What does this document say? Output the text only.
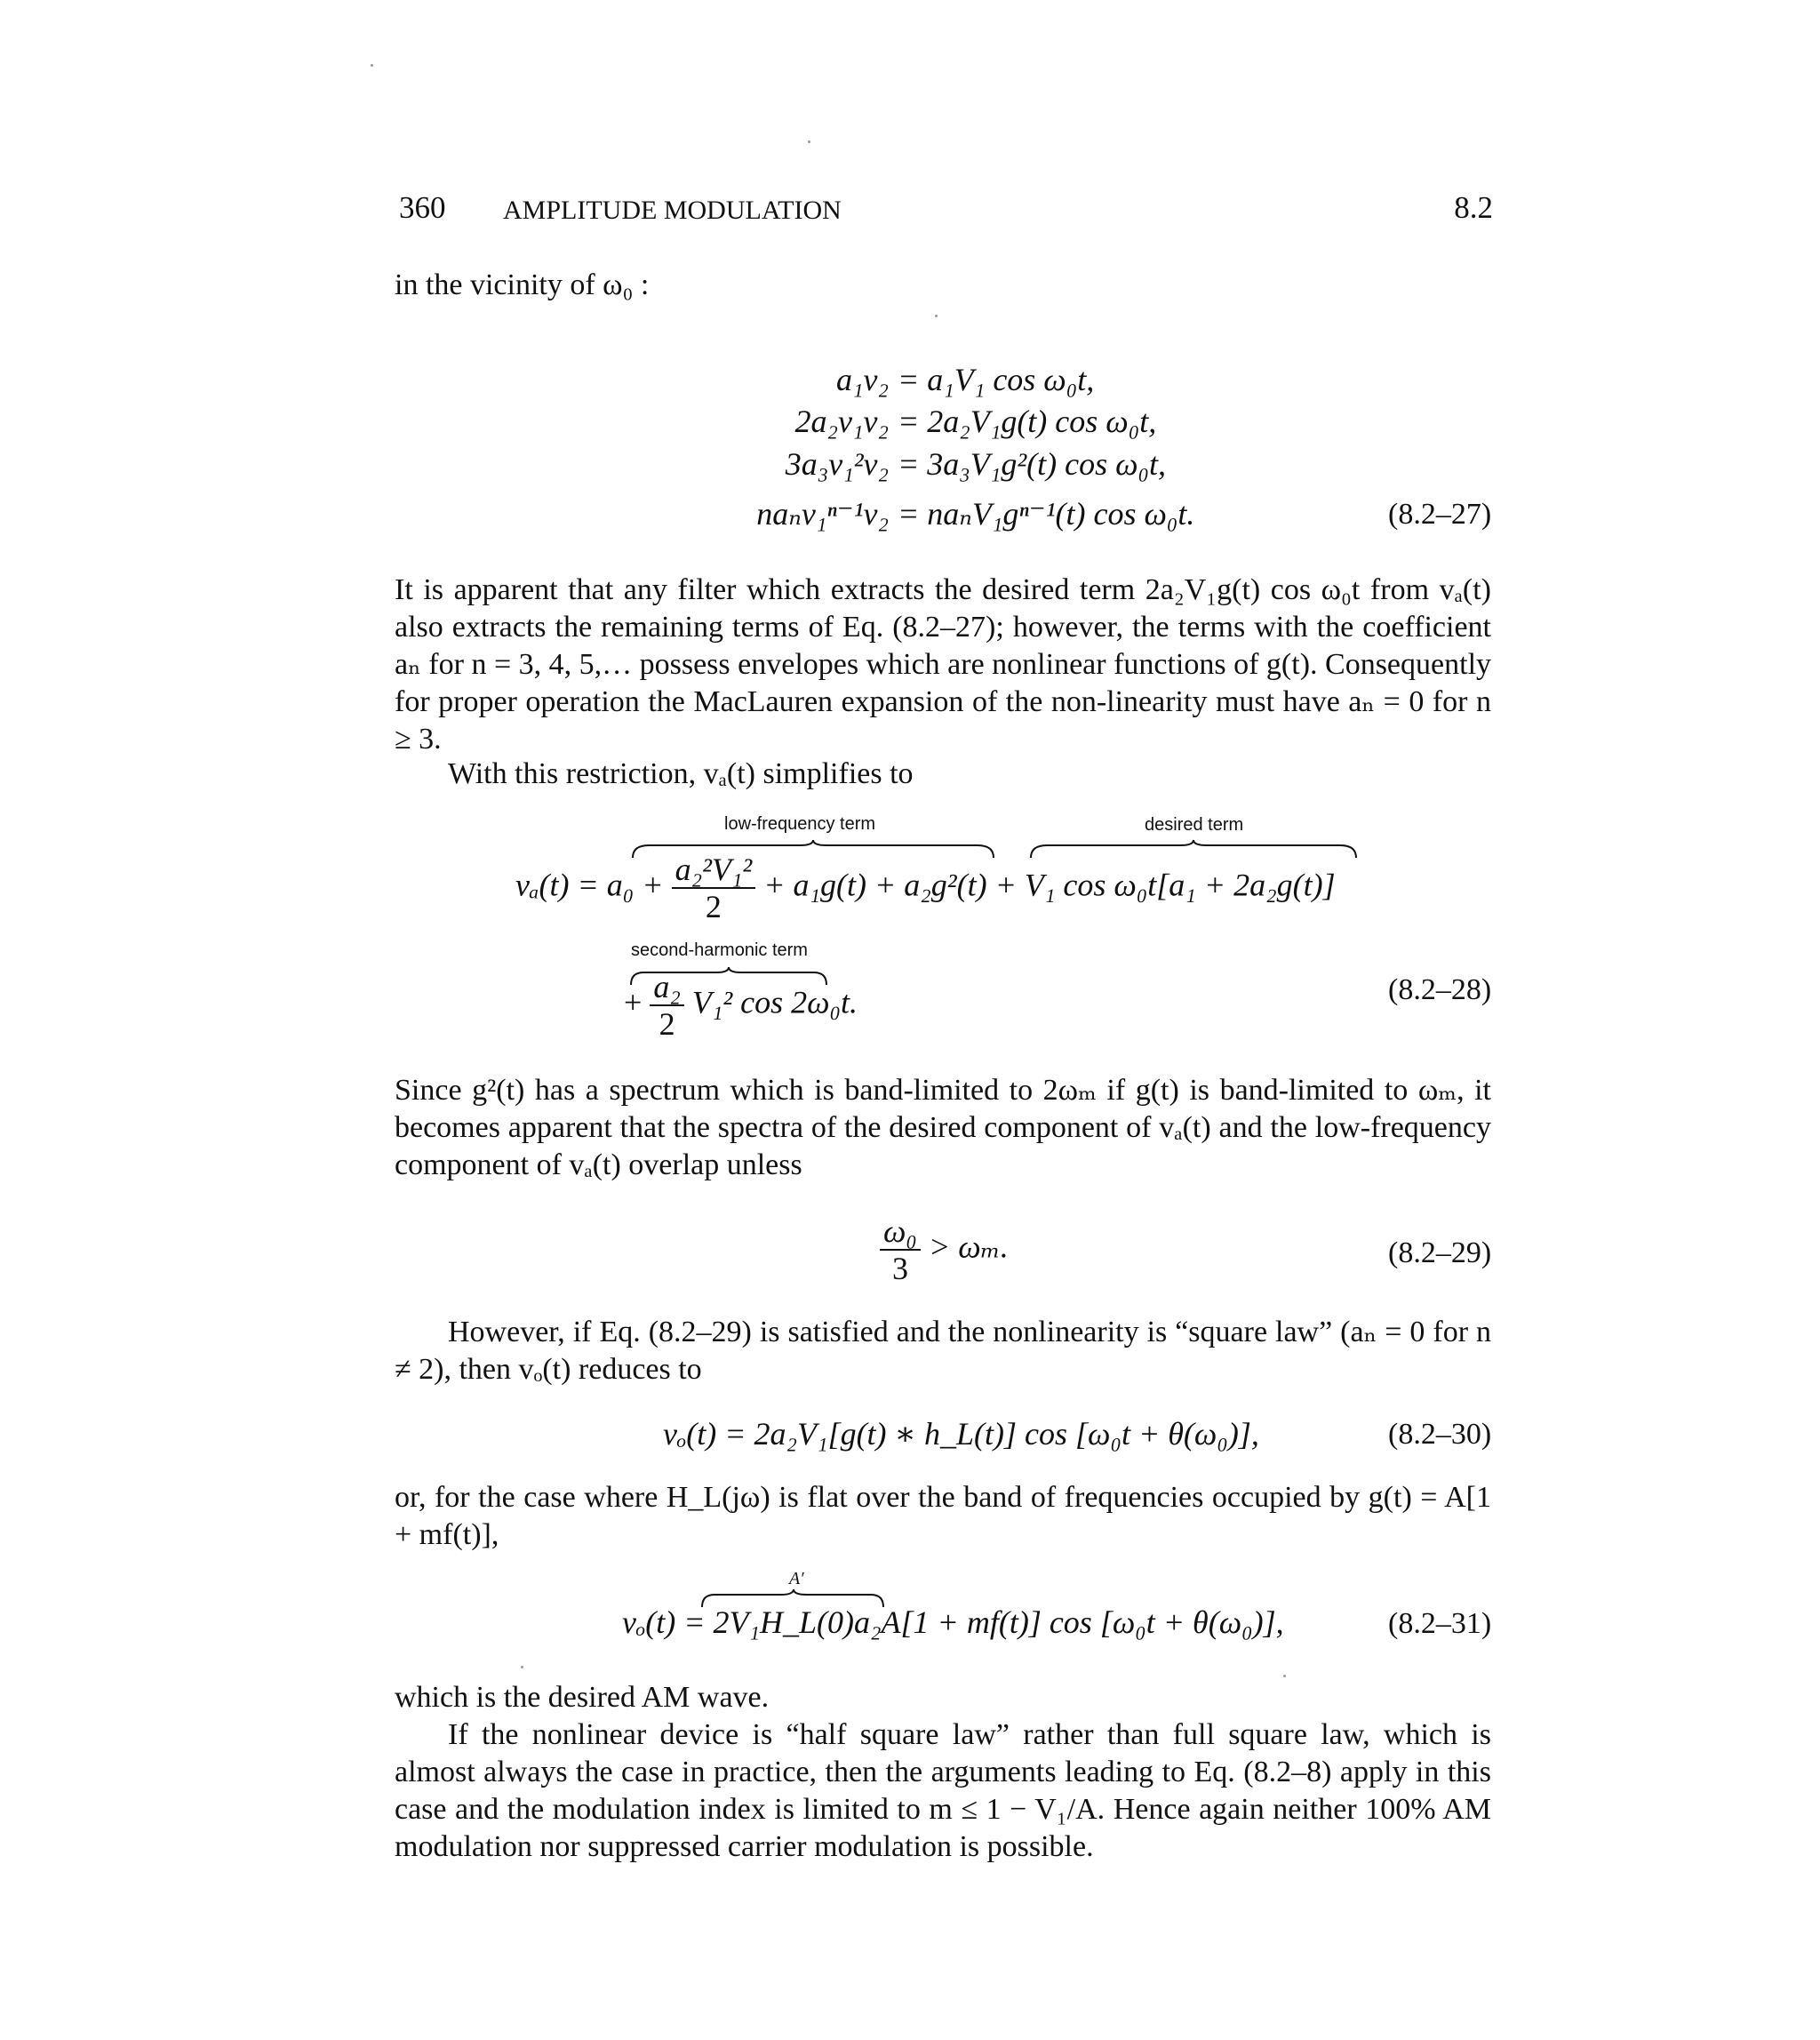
360 AMPLITUDE MODULATION	8.2
in the vicinity of ω₀ :
a₁v₂ = a₁V₁ cos ω₀t,
2a₂v₁v₂ = 2a₂V₁g(t) cos ω₀t,
3a₃v₁²v₂ = 3a₃V₁g²(t) cos ω₀t,
naₙv₁ⁿ⁻¹v₂ = naₙV₁gⁿ⁻¹(t) cos ω₀t.	(8.2–27)
It is apparent that any filter which extracts the desired term 2a₂V₁g(t) cos ω₀t from vₐ(t) also extracts the remaining terms of Eq. (8.2–27); however, the terms with the coefficient aₙ for n = 3, 4, 5,… possess envelopes which are nonlinear functions of g(t). Consequently for proper operation the MacLauren expansion of the non-linearity must have aₙ = 0 for n ≥ 3.
With this restriction, vₐ(t) simplifies to
low-frequency term	desired term
$v_a(t) = a_0 + \frac{\text{a₂²V₁²}}{2} + a_1g(t) + a_2g^2(t) + V_1$ cos ω₀t[a₁ + 2a₂g(t)]
second-harmonic term
+ $\frac{\text{a₂}}{2} V_1^2$ cos 2ω₀t.	(8.2–28)
Since g²(t) has a spectrum which is band-limited to 2ωₘ if g(t) is band-limited to ωₘ, it becomes apparent that the spectra of the desired component of vₐ(t) and the low-frequency component of vₐ(t) overlap unless
$\frac{\text{ω₀}}{3} > \omega_m$.	(8.2–29)
However, if Eq. (8.2–29) is satisfied and the nonlinearity is “square law” (aₙ = 0 for n ≠ 2), then vₒ(t) reduces to
vₒ(t) = 2a₂V₁[g(t) ∗ h_L(t)] cos [ω₀t + θ(ω₀)],	(8.2–30)
or, for the case where H_L(jω) is flat over the band of frequencies occupied by g(t) = A[1 + mf(t)],
A′
vₒ(t) = 2V₁H_L(0)a₂A[1 + mf(t)] cos [ω₀t + θ(ω₀)],	(8.2–31)
which is the desired AM wave.
If the nonlinear device is “half square law” rather than full square law, which is almost always the case in practice, then the arguments leading to Eq. (8.2–8) apply in this case and the modulation index is limited to m ≤ 1 − V₁/A. Hence again neither 100% AM modulation nor suppressed carrier modulation is possible.
